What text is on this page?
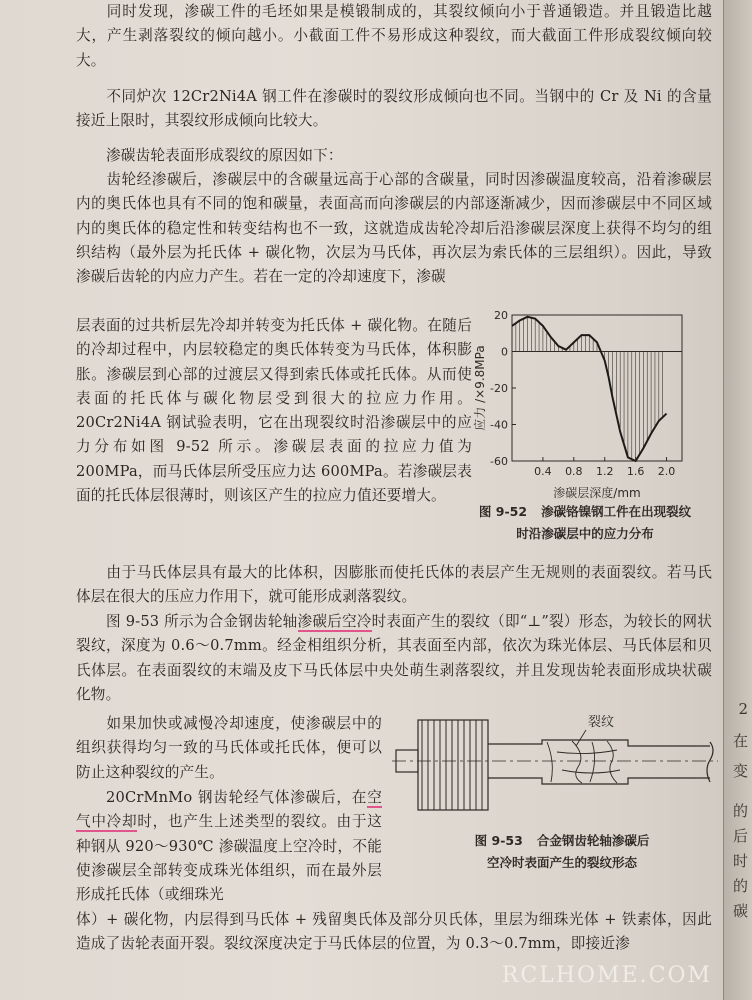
同时发现，渗碳工件的毛坯如果是模锻制成的，其裂纹倾向小于普通锻造。并且锻造比越大，产生剥落裂纹的倾向越小。小截面工件不易形成这种裂纹，而大截面工件形成裂纹倾向较大。

不同炉次 12Cr2Ni4A 钢工件在渗碳时的裂纹形成倾向也不同。当钢中的 Cr 及 Ni 的含量接近上限时，其裂纹形成倾向比较大。

渗碳齿轮表面形成裂纹的原因如下：

齿轮经渗碳后，渗碳层中的含碳量远高于心部的含碳量，同时因渗碳温度较高，沿着渗碳层内的奥氏体也具有不同的饱和碳量，表面高而向渗碳层的内部逐渐减少，因而渗碳层中不同区域内的奥氏体的稳定性和转变结构也不一致，这就造成齿轮冷却后沿渗碳层深度上获得不均匀的组织结构（最外层为托氏体 + 碳化物，次层为马氏体，再次层为索氏体的三层组织）。因此，导致渗碳后齿轮的内应力产生。若在一定的冷却速度下，渗碳

层表面的过共析层先冷却并转变为托氏体 + 碳化物。在随后的冷却过程中，内层较稳定的奥氏体转变为马氏体，体积膨胀。渗碳层到心部的过渡层又得到索氏体或托氏体。从而使表面的托氏体与碳化物层受到很大的拉应力作用。20Cr2Ni4A 钢试验表明，它在出现裂纹时沿渗碳层中的应力分布如图 9-52 所示。渗碳层表面的拉应力值为 200MPa，而马氏体层所受压应力达 600MPa。若渗碳层表面的托氏体层很薄时，则该区产生的拉应力值还要增大。

20
0
-20
-40
-60
0.4 0.8 1.2 1.6 2.0
渗碳层深度/mm
应力 /×9.8MPa
图 9-52 渗碳铬镍钢工件在出现裂纹
时沿渗碳层中的应力分布

由于马氏体层具有最大的比体积，因膨胀而使托氏体的表层产生无规则的表面裂纹。若马氏体层在很大的压应力作用下，就可能形成剥落裂纹。

图 9-53 所示为合金钢齿轮轴渗碳后空冷时表面产生的裂纹（即“⊥”裂）形态，为较长的网状裂纹，深度为 0.6～0.7mm。经金相组织分析，其表面至内部，依次为珠光体层、马氏体层和贝氏体层。在表面裂纹的末端及皮下马氏体层中央处萌生剥落裂纹，并且发现齿轮表面形成块状碳化物。

如果加快或减慢冷却速度，使渗碳层中的组织获得均匀一致的马氏体或托氏体，便可以防止这种裂纹的产生。

20CrMnMo 钢齿轮经气体渗碳后，在空气中冷却时，也产生上述类型的裂纹。由于这种钢从 920～930℃ 渗碳温度上空冷时，不能使渗碳层全部转变成珠光体组织，而在最外层形成托氏体（或细珠光

体）+ 碳化物，内层得到马氏体 + 残留奥氏体及部分贝氏体，里层为细珠光体 + 铁素体，因此造成了齿轮表面开裂。裂纹深度决定于马氏体层的位置，为 0.3～0.7mm，即接近渗

裂纹
图 9-53 合金钢齿轮轴渗碳后
空冷时表面产生的裂纹形态
RCLHOME.COM
2
在
变
的
后
时
的
碳
